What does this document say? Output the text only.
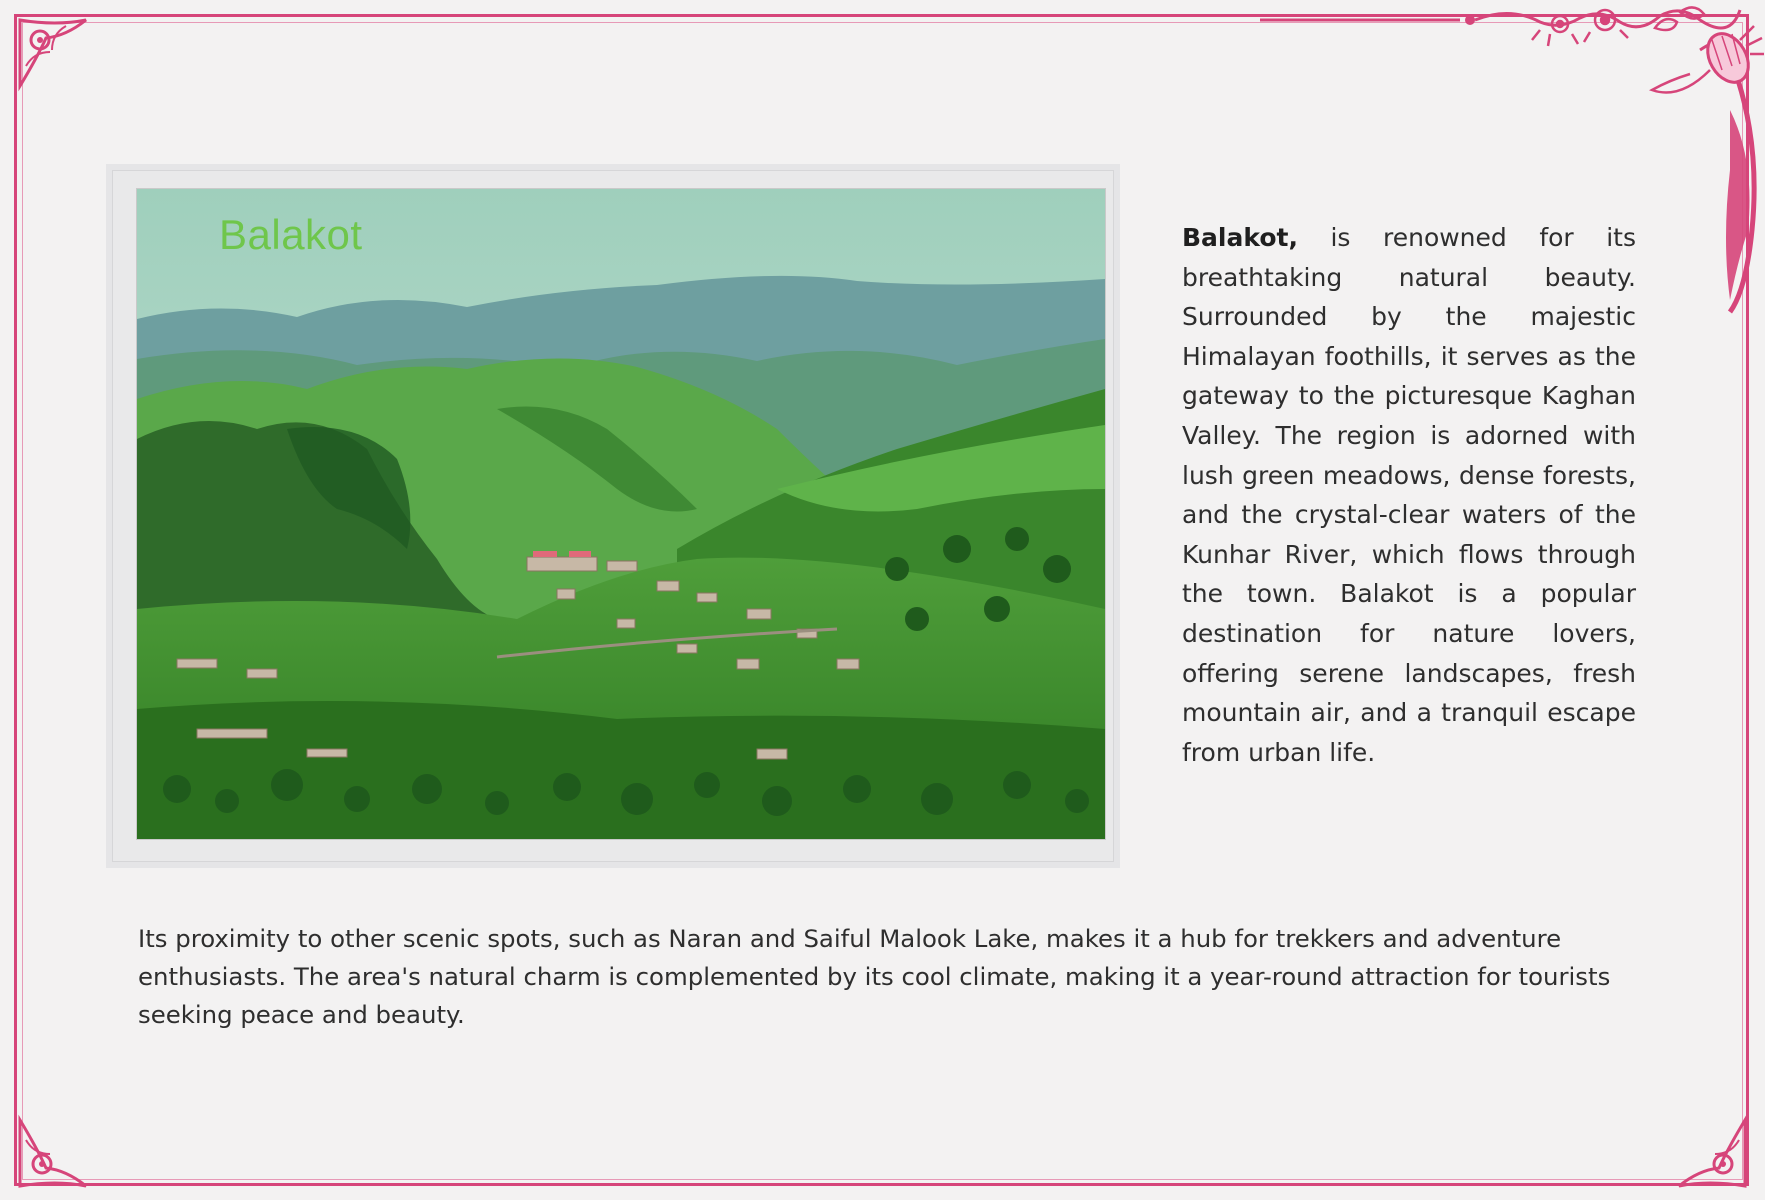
Balakot	Balakot, is renowned for its breathtaking natural beauty. Surrounded by the majestic Himalayan foothills, it serves as the gateway to the picturesque Kaghan Valley. The region is adorned with lush green meadows, dense forests, and the crystal-clear waters of the Kunhar River, which flows through the town. Balakot is a popular destination for nature lovers, offering serene landscapes, fresh mountain air, and a tranquil escape from urban life.
Its proximity to other scenic spots, such as Naran and Saiful Malook Lake, makes it a hub for trekkers and adventure enthusiasts. The area's natural charm is complemented by its cool climate, making it a year-round attraction for tourists seeking peace and beauty.
